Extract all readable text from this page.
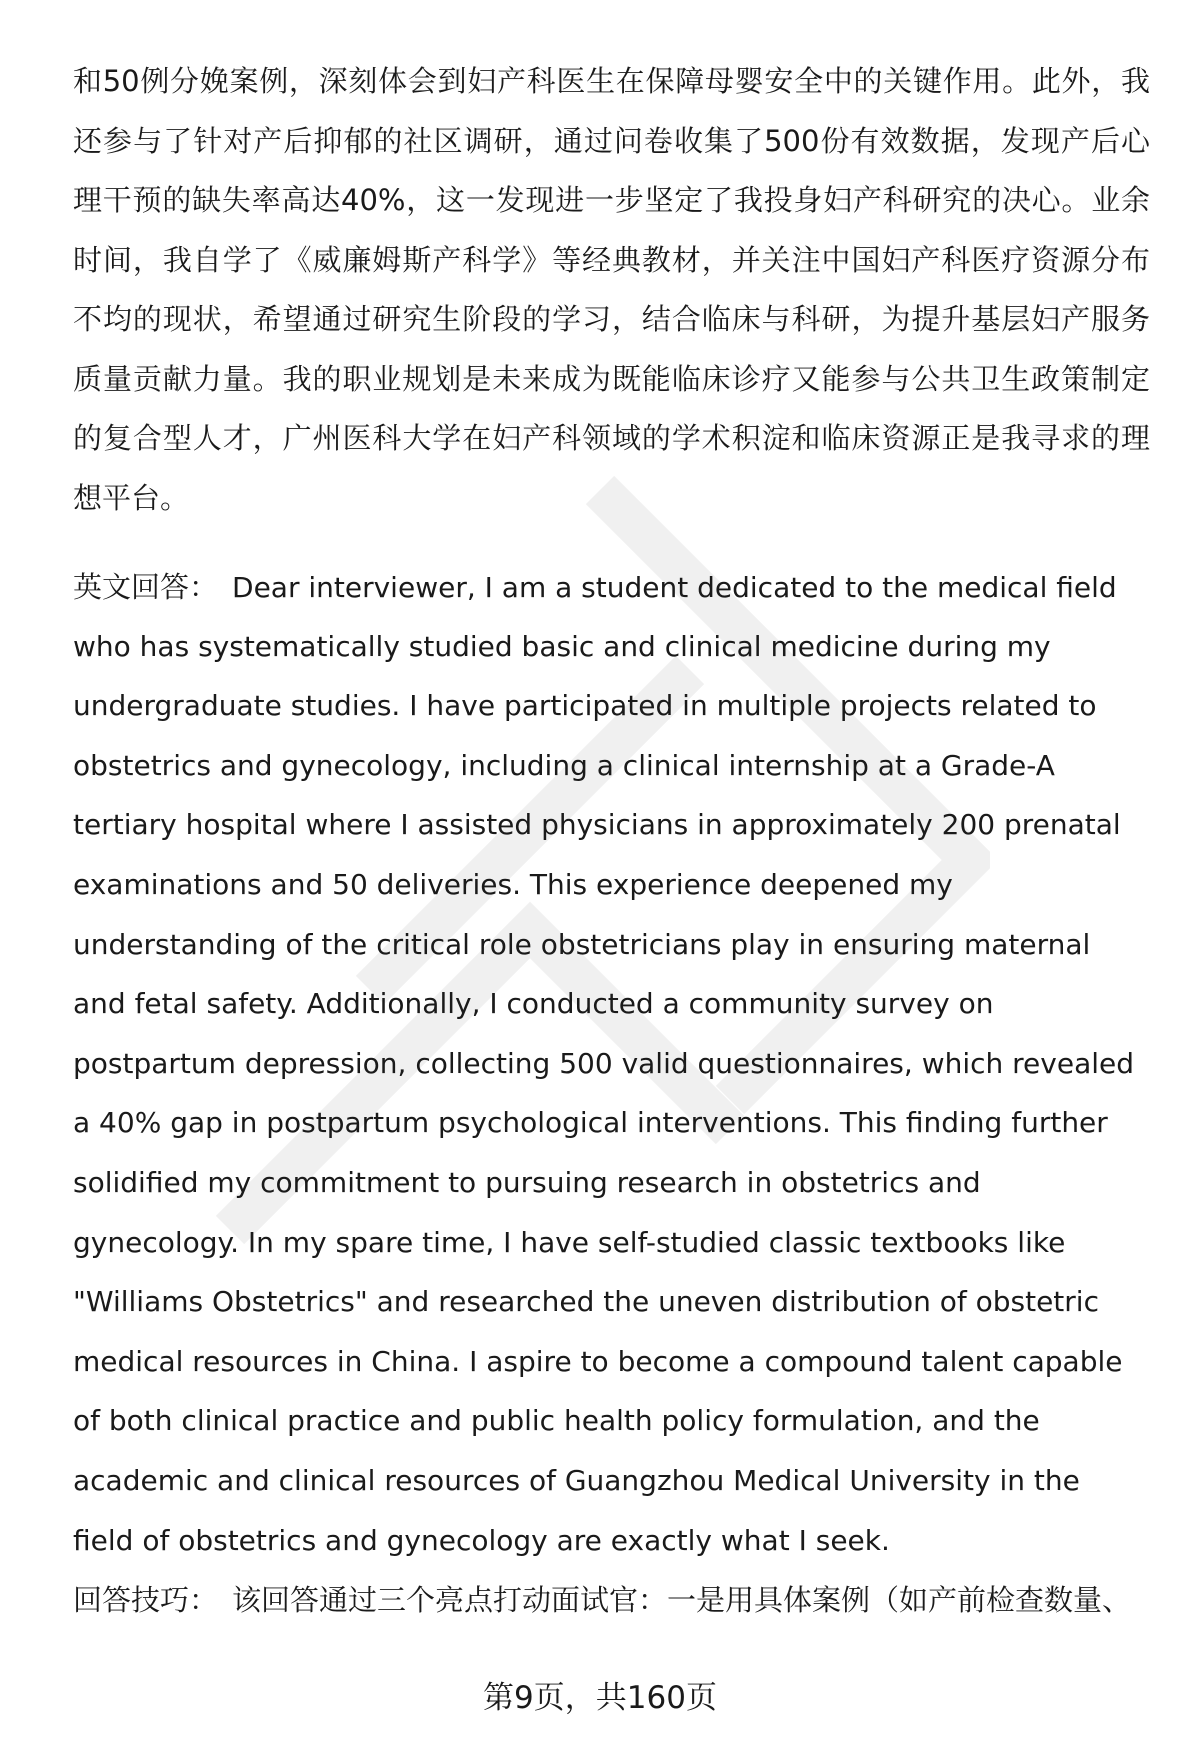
和50例分娩案例，深刻体会到妇产科医生在保障母婴安全中的关键作用。此外，我
还参与了针对产后抑郁的社区调研，通过问卷收集了500份有效数据，发现产后心
理干预的缺失率高达40%，这一发现进一步坚定了我投身妇产科研究的决心。业余
时间，我自学了《威廉姆斯产科学》等经典教材，并关注中国妇产科医疗资源分布
不均的现状，希望通过研究生阶段的学习，结合临床与科研，为提升基层妇产服务
质量贡献力量。我的职业规划是未来成为既能临床诊疗又能参与公共卫生政策制定
的复合型人才，广州医科大学在妇产科领域的学术积淀和临床资源正是我寻求的理
想平台。
英文回答： Dear interviewer, I am a student dedicated to the medical field
who has systematically studied basic and clinical medicine during my
undergraduate studies. I have participated in multiple projects related to
obstetrics and gynecology, including a clinical internship at a Grade-A
tertiary hospital where I assisted physicians in approximately 200 prenatal
examinations and 50 deliveries. This experience deepened my
understanding of the critical role obstetricians play in ensuring maternal
and fetal safety. Additionally, I conducted a community survey on
postpartum depression, collecting 500 valid questionnaires, which revealed
a 40% gap in postpartum psychological interventions. This finding further
solidified my commitment to pursuing research in obstetrics and
gynecology. In my spare time, I have self-studied classic textbooks like
"Williams Obstetrics" and researched the uneven distribution of obstetric
medical resources in China. I aspire to become a compound talent capable
of both clinical practice and public health policy formulation, and the
academic and clinical resources of Guangzhou Medical University in the
field of obstetrics and gynecology are exactly what I seek.
回答技巧： 该回答通过三个亮点打动面试官：一是用具体案例（如产前检查数量、
第9页，共160页
